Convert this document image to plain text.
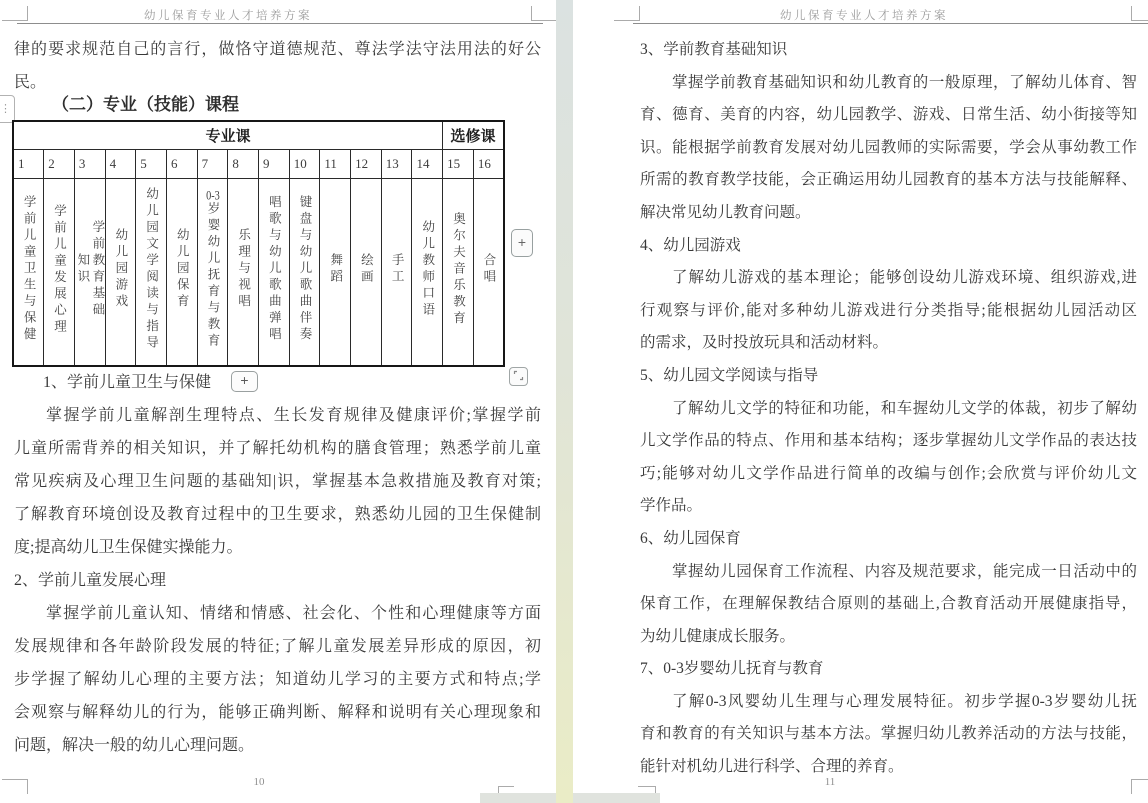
幼儿保育专业人才培养方案
⋮
律的要求规范自己的言行，做恪守道德规范、尊法学法守法用法的好公
民。
（二）专业（技能）课程
专业课														选修课	
1	2	3	4	5	6	7	8	9	10	11	12	13	14	15	16
学前儿童卫生与保健	学前儿童发展心理	学前教育基础知识	幼儿园游戏	幼儿园文学阅读与指导	幼儿园保育	0-3岁婴幼儿抚育与教育	乐理与视唱	唱歌与幼儿歌曲弹唱	键盘与幼儿歌曲伴奏	舞蹈	绘画	手工	幼儿教师口语	奥尔夫音乐教育	合唱
+
1、学前儿童卫生与保健 +
掌握学前儿童解剖生理特点、生长发育规律及健康评价;掌握学前
儿童所需背养的相关知识，并了解托幼机构的膳食管理；熟悉学前儿童
常见疾病及心理卫生问题的基础知|识，掌握基本急救措施及教育对策;
了解教育环境创设及教育过程中的卫生要求，熟悉幼儿园的卫生保健制
度;提高幼儿卫生保健实操能力。
2、学前儿童发展心理
掌握学前儿童认知、情绪和情感、社会化、个性和心理健康等方面
发展规律和各年龄阶段发展的特征;了解儿童发展差异形成的原因，初
步学握了解幼儿心理的主要方法；知道幼儿学习的主要方式和特点;学
会观察与解释幼儿的行为，能够正确判断、解释和说明有关心理现象和
问题，解决一般的幼儿心理问题。
10
幼儿保育专业人才培养方案
3、学前教育基础知识
掌握学前教育基础知识和幼儿教育的一般原理，了解幼儿体育、智
育、德育、美育的内容，幼儿园教学、游戏、日常生活、幼小街接等知
识。能根据学前教育发展对幼儿园教师的实际需要，学会从事幼教工作
所需的教育教学技能，会正确运用幼儿园教育的基本方法与技能解释、
解决常见幼儿教育问题。
4、幼儿园游戏
了解幼儿游戏的基本理论；能够创设幼儿游戏环境、组织游戏,进
行观察与评价,能对多种幼儿游戏进行分类指导;能根据幼儿园活动区
的需求，及时投放玩具和活动材料。
5、幼儿园文学阅读与指导
了解幼儿文学的特征和功能，和车握幼儿文学的体裁，初步了解幼
儿文学作品的特点、作用和基本结构；逐步掌握幼儿文学作品的表达技
巧;能够对幼儿文学作品进行简单的改编与创作;会欣赏与评价幼儿文
学作品。
6、幼儿园保育
掌握幼儿园保育工作流程、内容及规范要求，能完成一日活动中的
保育工作，在理解保教结合原则的基础上,合教育活动开展健康指导，
为幼儿健康成长服务。
7、0-3岁婴幼儿抚育与教育
了解0-3风婴幼儿生理与心理发展特征。初步学握0-3岁婴幼儿抚
育和教育的有关知识与基本方法。掌握归幼儿教养活动的方法与技能，
能针对机幼儿进行科学、合理的养育。
11
